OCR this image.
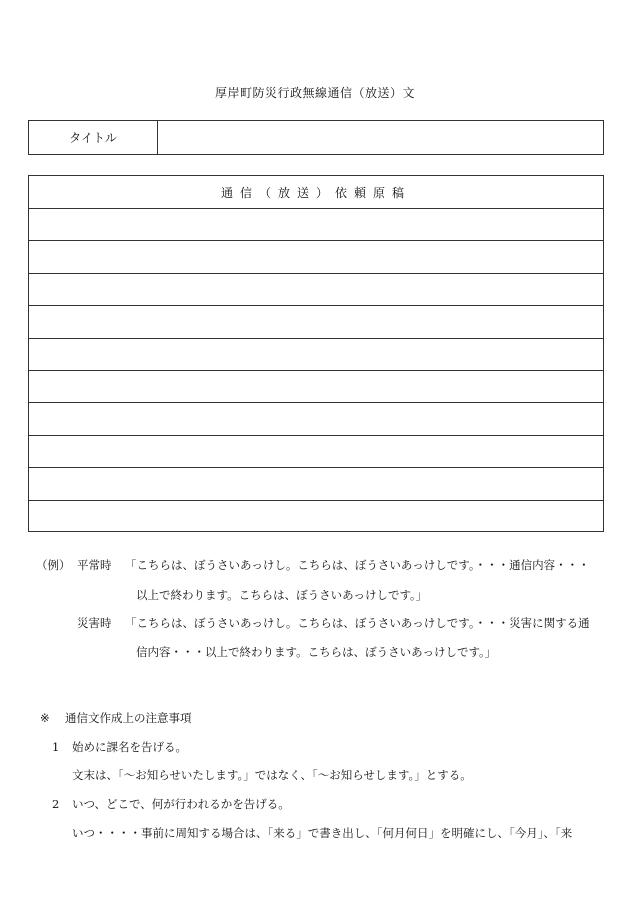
厚岸町防災行政無線通信（放送）文
タイトル
通信（放送）依頼原稿
（例） 平常時 「こちらは、ぼうさいあっけし。こちらは、ぼうさいあっけしです。・・・通信内容・・・
以上で終わります。こちらは、ぼうさいあっけしです。」
災害時 「こちらは、ぼうさいあっけし。こちらは、ぼうさいあっけしです。・・・災害に関する通
信内容・・・以上で終わります。こちらは、ぼうさいあっけしです。」
※ 通信文作成上の注意事項
1 始めに課名を告げる。
文末は、「～お知らせいたします。」ではなく、「～お知らせします。」とする。
2 いつ、どこで、何が行われるかを告げる。
いつ・・・・事前に周知する場合は、「来る」で書き出し、「何月何日」を明確にし、「今月」、「来
